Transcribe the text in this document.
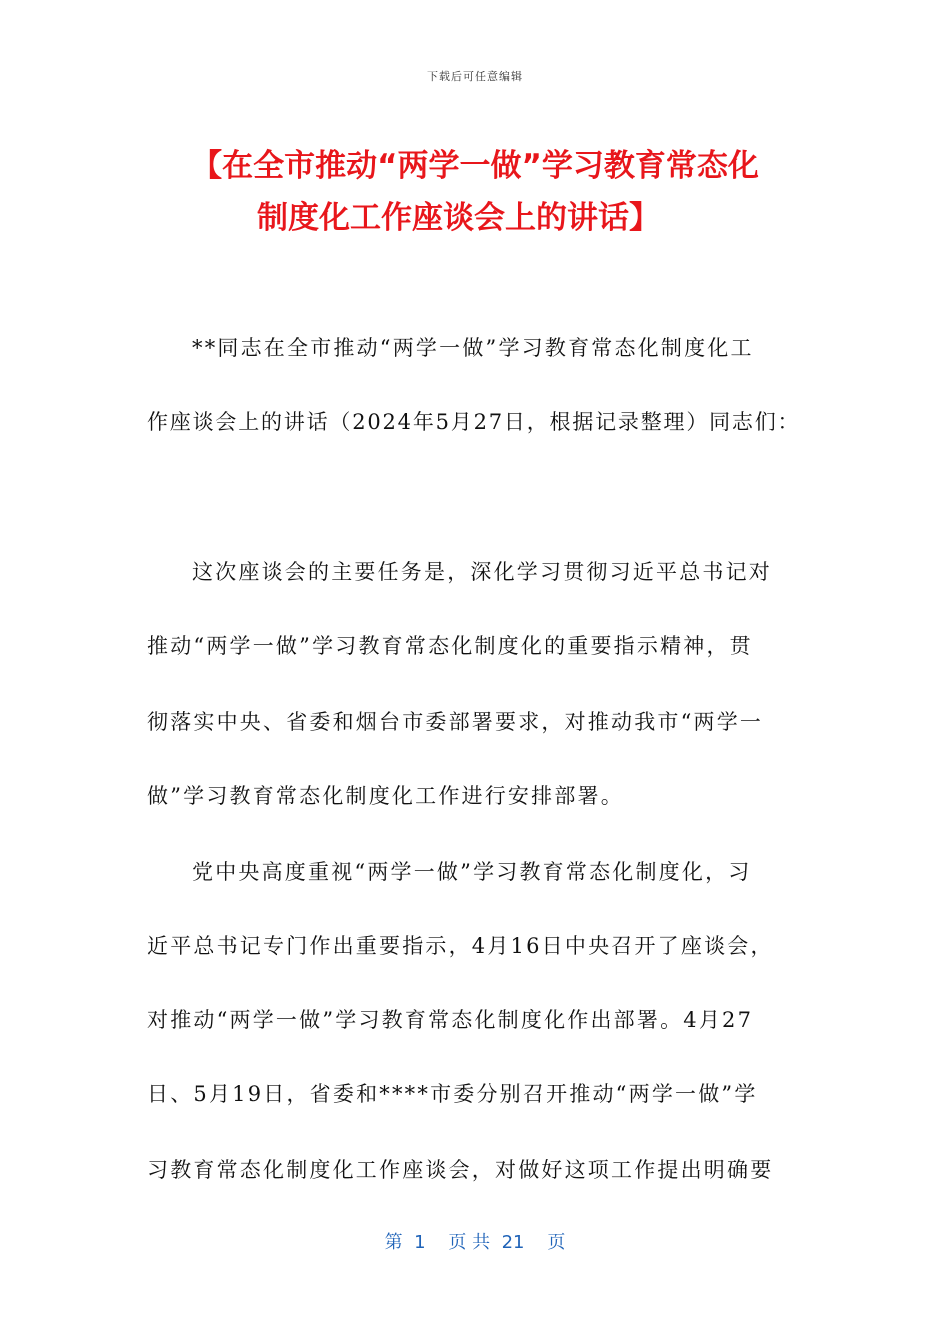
下载后可任意编辑
【在全市推动“两学一做”学习教育常态化
制度化工作座谈会上的讲话】
**同志在全市推动“两学一做”学习教育常态化制度化工
作座谈会上的讲话（2024年5月27日，根据记录整理）同志们：
这次座谈会的主要任务是，深化学习贯彻习近平总书记对
推动“两学一做”学习教育常态化制度化的重要指示精神，贯
彻落实中央、省委和烟台市委部署要求，对推动我市“两学一
做”学习教育常态化制度化工作进行安排部署。
党中央高度重视“两学一做”学习教育常态化制度化，习
近平总书记专门作出重要指示，4月16日中央召开了座谈会，
对推动“两学一做”学习教育常态化制度化作出部署。4月27
日、5月19日，省委和****市委分别召开推动“两学一做”学
习教育常态化制度化工作座谈会，对做好这项工作提出明确要
第  1    页 共  21    页
